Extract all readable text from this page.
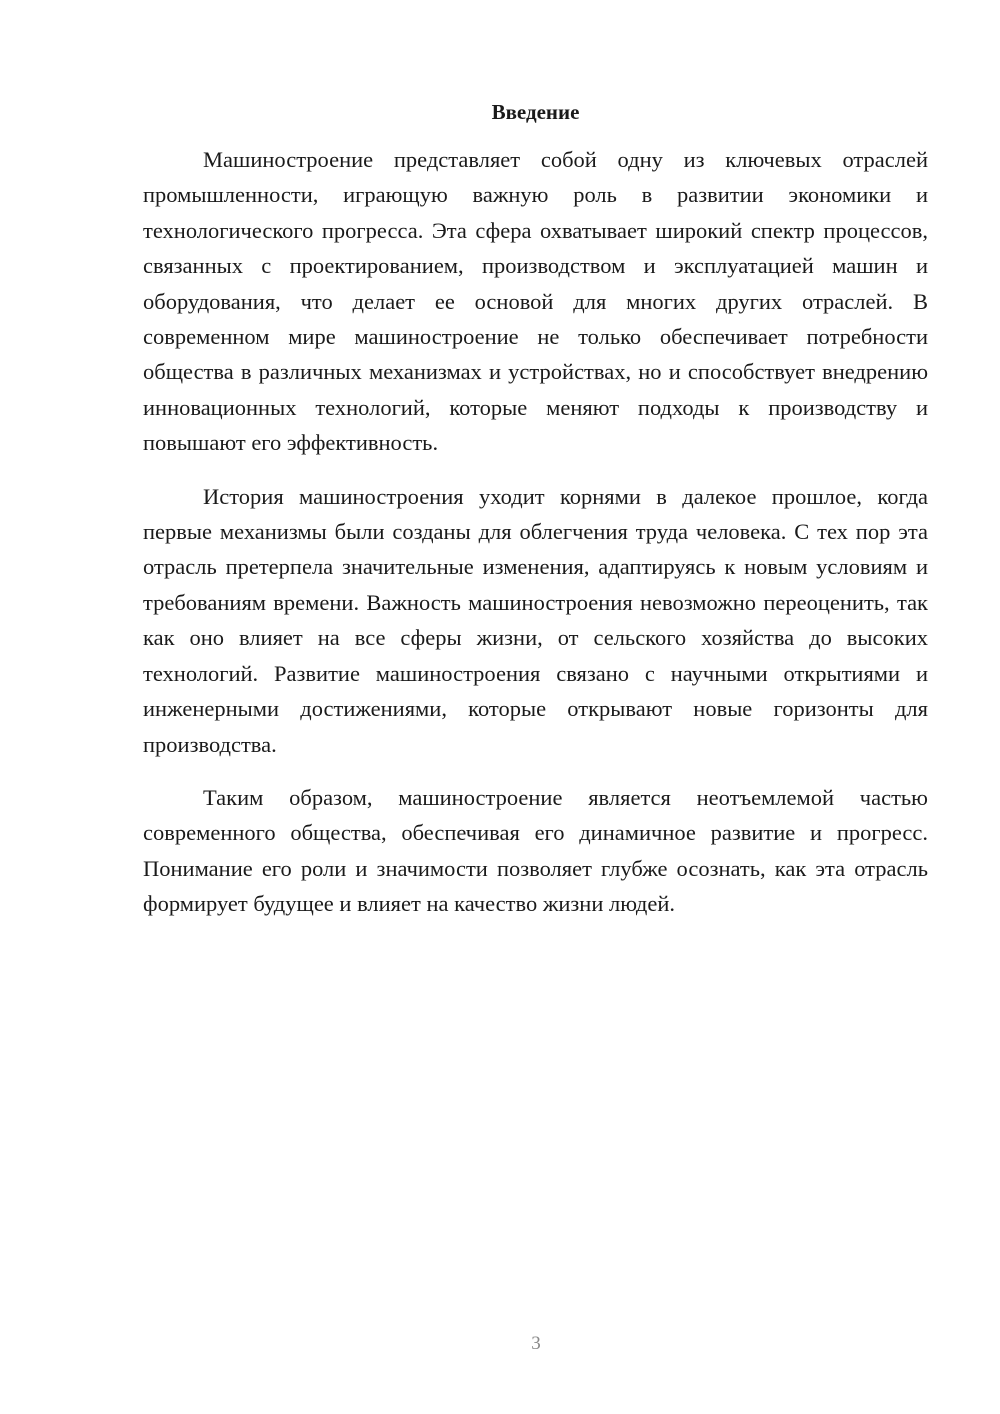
Введение

Машиностроение представляет собой одну из ключевых отраслей промышленности, играющую важную роль в развитии экономики и технологического прогресса. Эта сфера охватывает широкий спектр процессов, связанных с проектированием, производством и эксплуатацией машин и оборудования, что делает ее основой для многих других отраслей. В современном мире машиностроение не только обеспечивает потребности общества в различных механизмах и устройствах, но и способствует внедрению инновационных технологий, которые меняют подходы к производству и повышают его эффективность.

История машиностроения уходит корнями в далекое прошлое, когда первые механизмы были созданы для облегчения труда человека. С тех пор эта отрасль претерпела значительные изменения, адаптируясь к новым условиям и требованиям времени. Важность машиностроения невозможно переоценить, так как оно влияет на все сферы жизни, от сельского хозяйства до высоких технологий. Развитие машиностроения связано с научными открытиями и инженерными достижениями, которые открывают новые горизонты для производства.

Таким образом, машиностроение является неотъемлемой частью современного общества, обеспечивая его динамичное развитие и прогресс. Понимание его роли и значимости позволяет глубже осознать, как эта отрасль формирует будущее и влияет на качество жизни людей.

3
